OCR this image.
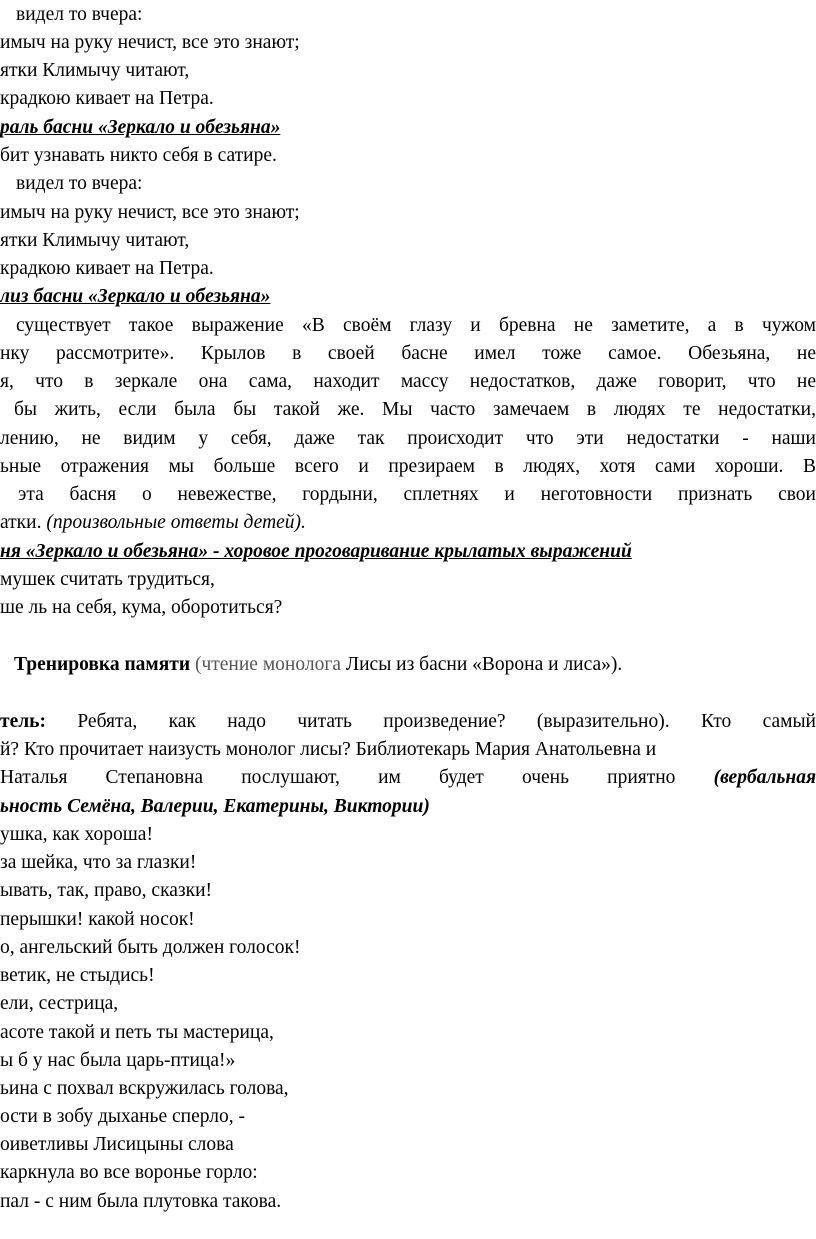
видел то вчера:
имыч на руку нечист, все это знают;
ятки Климычу читают,
крадкою кивает на Петра.
раль басни «Зеркало и обезьяна»
бит узнавать никто себя в сатире.
видел то вчера:
имыч на руку нечист, все это знают;
ятки Климычу читают,
крадкою кивает на Петра.
лиз басни «Зеркало и обезьяна»
существует такое выражение «В своём глазу и бревна не заметите, а в чужом
нку рассмотрите». Крылов в своей басне имел тоже самое. Обезьяна, не
я, что в зеркале она сама, находит массу недостатков, даже говорит, что не
бы жить, если была бы такой же. Мы часто замечаем в людях те недостатки,
лению, не видим у себя, даже так происходит что эти недостатки - наши
ьные отражения мы больше всего и презираем в людях, хотя сами хороши. В
эта басня о невежестве, гордыни, сплетнях и неготовности признать свои
атки. (произвольные ответы детей).
ня «Зеркало и обезьяна» - хоровое проговаривание крылатых выражений
мушек считать трудиться,
ше ль на себя, кума, оборотиться?
Тренировка памяти (чтение монолога Лисы из басни «Ворона и лиса»).
тель: Ребята, как надо читать произведение? (выразительно). Кто самый
й? Кто прочитает наизусть монолог лисы? Библиотекарь Мария Анатольевна и
Наталья Степановна послушают, им будет очень приятно (вербальная
ьность Семёна, Валерии, Екатерины, Виктории)
ушка, как хороша!
за шейка, что за глазки!
ывать, так, право, сказки!
перышки! какой носок!
о, ангельский быть должен голосок!
ветик, не стыдись!
ели, сестрица,
асоте такой и петь ты мастерица,
ы б у нас была царь-птица!»
ьина с похвал вскружилась голова,
ости в зобу дыханье сперло, -
оиветливы Лисицыны слова
каркнула во все воронье горло:
пал - с ним была плутовка такова.
